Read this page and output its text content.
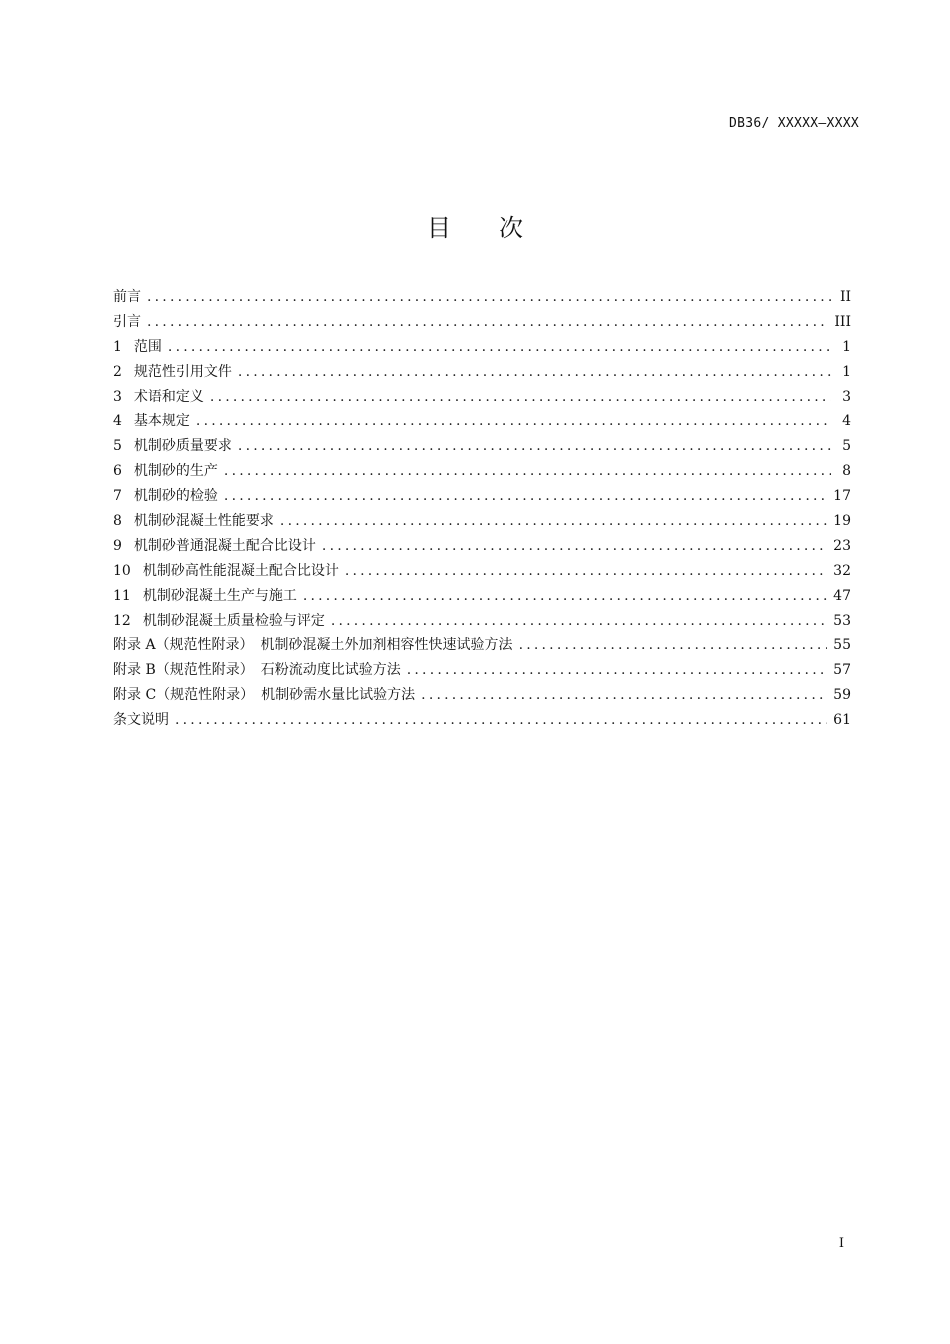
DB36/ XXXXX—XXXX
目 次
前言 .....	II
引言 .....	III
1 范围 .....	1
2 规范性引用文件 .....	1
3 术语和定义 .....	3
4 基本规定 .....	4
5 机制砂质量要求 .....	5
6 机制砂的生产 .....	8
7 机制砂的检验 .....	17
8 机制砂混凝土性能要求 .....	19
9 机制砂普通混凝土配合比设计 .....	23
10 机制砂高性能混凝土配合比设计 .....	32
11 机制砂混凝土生产与施工 .....	47
12 机制砂混凝土质量检验与评定 .....	53
附录 A（规范性附录）　机制砂混凝土外加剂相容性快速试验方法 .....	55
附录 B（规范性附录）　石粉流动度比试验方法 .....	57
附录 C（规范性附录）　机制砂需水量比试验方法 .....	59
条文说明 .....	61
I
